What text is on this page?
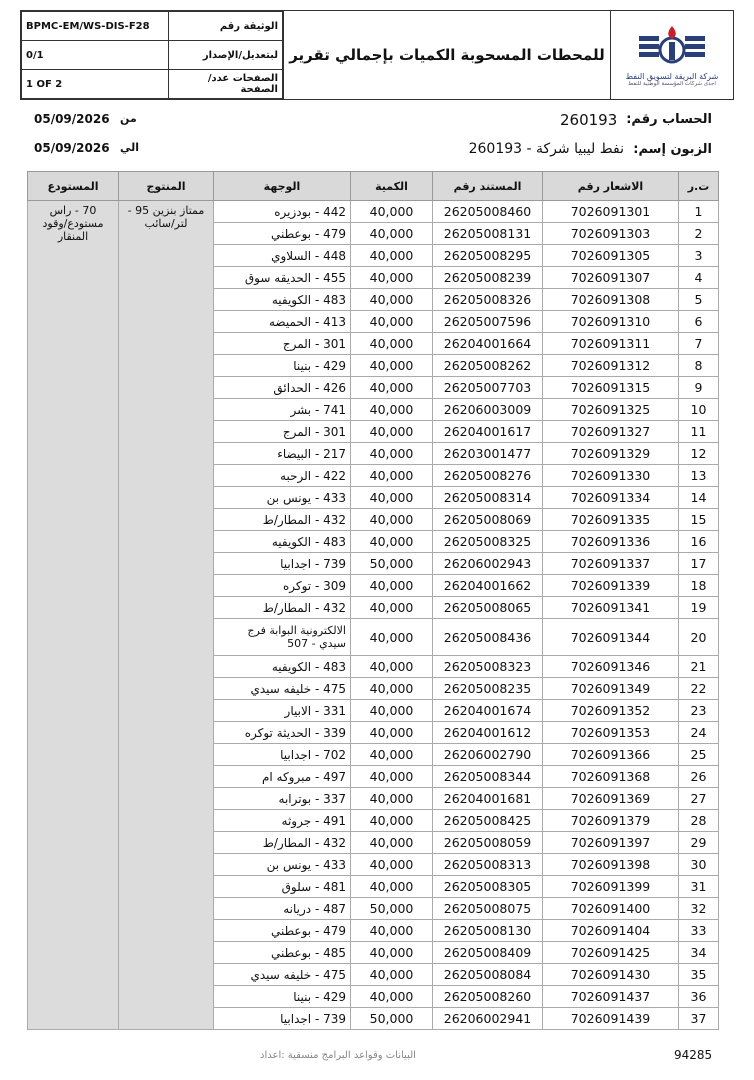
BPMC-EM/WS-DIS-F28	الوثيقة رقم
0/1	لبتعديل/الإصدار
1 OF 2	الصفحات عدد/الصفحة
	للمحطات المسحوبة الكميات بإجمالي تقرير	
شركة البريقة لتسويق النفط
احدى شركات المؤسسة الوطنية للنفط
الحساب رقم:
260193
الزبون إسم:
نفط ليبيا شركة - 260193
05/09/2026 من
05/09/2026 الي
ت.ر	الاشعار رقم	المستند رقم	الكمية	الوجهة	المنتوج	المستودع
1	7026091301	26205008460	40,000	442 - بودزيره	ممتاز بنزين 95 - لتر/سائب	70 - راس مستودع/وقود المنقار
2	7026091303	26205008131	40,000	479 - بوعطني		
3	7026091305	26205008295	40,000	448 - السلاوي		
4	7026091307	26205008239	40,000	455 - الحديقه سوق		
5	7026091308	26205008326	40,000	483 - الكويفيه		
6	7026091310	26205007596	40,000	413 - الحميضه		
7	7026091311	26204001664	40,000	301 - المرج		
8	7026091312	26205008262	40,000	429 - بنينا		
9	7026091315	26205007703	40,000	426 - الحدائق		
10	7026091325	26206003009	40,000	741 - بشر		
11	7026091327	26204001617	40,000	301 - المرج		
12	7026091329	26203001477	40,000	217 - البيضاء		
13	7026091330	26205008276	40,000	422 - الرحبه		
14	7026091334	26205008314	40,000	433 - يونس بن		
15	7026091335	26205008069	40,000	432 - المطار/ط		
16	7026091336	26205008325	40,000	483 - الكويفيه		
17	7026091337	26206002943	50,000	739 - اجدابيا		
18	7026091339	26204001662	40,000	309 - توكره		
19	7026091341	26205008065	40,000	432 - المطار/ط		
20	7026091344	26205008436	40,000	الالكترونية البوابة فرج سيدي - 507		
21	7026091346	26205008323	40,000	483 - الكويفيه		
22	7026091349	26205008235	40,000	475 - خليفه سيدي		
23	7026091352	26204001674	40,000	331 - الابيار		
24	7026091353	26204001612	40,000	339 - الحديثة توكره		
25	7026091366	26206002790	40,000	702 - اجدابيا		
26	7026091368	26205008344	40,000	497 - مبروكه ام		
27	7026091369	26204001681	40,000	337 - بوترابه		
28	7026091379	26205008425	40,000	491 - جروثه		
29	7026091397	26205008059	40,000	432 - المطار/ط		
30	7026091398	26205008313	40,000	433 - يونس بن		
31	7026091399	26205008305	40,000	481 - سلوق		
32	7026091400	26205008075	50,000	487 - دريانه		
33	7026091404	26205008130	40,000	479 - بوعطني		
34	7026091425	26205008409	40,000	485 - بوعطني		
35	7026091430	26205008084	40,000	475 - خليفه سيدي		
36	7026091437	26205008260	40,000	429 - بنينا		
37	7026091439	26206002941	50,000	739 - اجدابيا		
البيانات وقواعد البرامج منسقية :اعداد	94285
